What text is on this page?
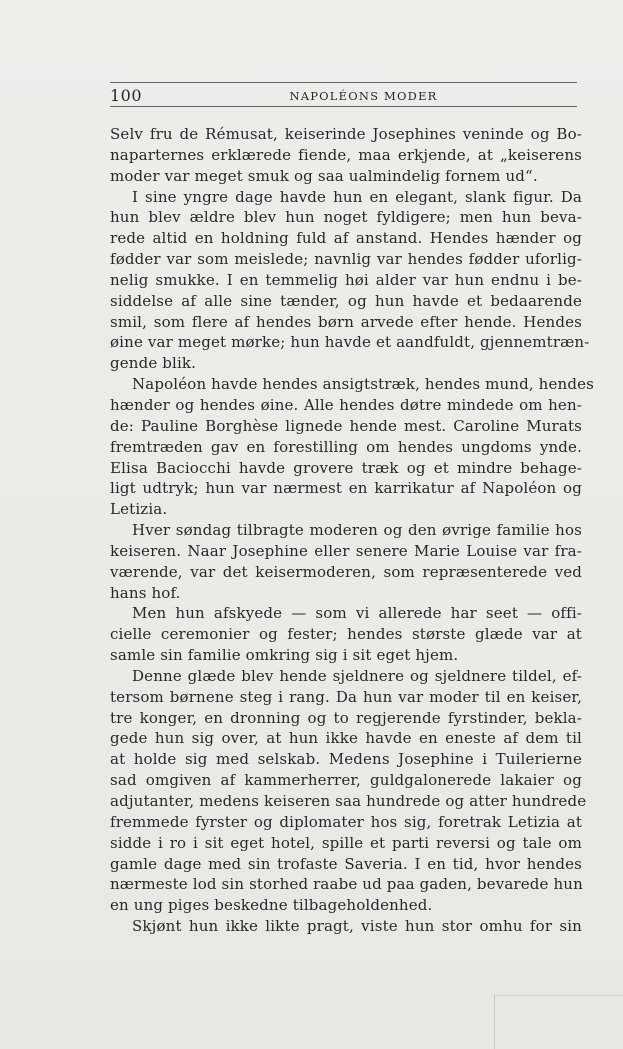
100	NAPOLÉONS MODER
Selv fru de Rémusat, keiserinde Josephines veninde og Bo-
naparternes erklærede fiende, maa erkjende, at „keiserens
moder var meget smuk og saa ualmindelig fornem ud“.
I sine yngre dage havde hun en elegant, slank figur. Da
hun blev ældre blev hun noget fyldigere; men hun beva-
rede altid en holdning fuld af anstand. Hendes hænder og
fødder var som meislede; navnlig var hendes fødder uforlig-
nelig smukke. I en temmelig høi alder var hun endnu i be-
siddelse af alle sine tænder, og hun havde et bedaarende
smil, som flere af hendes børn arvede efter hende. Hendes
øine var meget mørke; hun havde et aandfuldt, gjennemtræn-
gende blik.
Napoléon havde hendes ansigtstræk, hendes mund, hendes
hænder og hendes øine. Alle hendes døtre mindede om hen-
de: Pauline Borghèse lignede hende mest. Caroline Murats
fremtræden gav en forestilling om hendes ungdoms ynde.
Elisa Baciocchi havde grovere træk og et mindre behage-
ligt udtryk; hun var nærmest en karrikatur af Napoléon og
Letizia.
Hver søndag tilbragte moderen og den øvrige familie hos
keiseren. Naar Josephine eller senere Marie Louise var fra-
værende, var det keisermoderen, som repræsenterede ved
hans hof.
Men hun afskyede — som vi allerede har seet — offi-
cielle ceremonier og fester; hendes største glæde var at
samle sin familie omkring sig i sit eget hjem.
Denne glæde blev hende sjeldnere og sjeldnere tildel, ef-
tersom børnene steg i rang. Da hun var moder til en keiser,
tre konger, en dronning og to regjerende fyrstinder, bekla-
gede hun sig over, at hun ikke havde en eneste af dem til
at holde sig med selskab. Medens Josephine i Tuilerierne
sad omgiven af kammerherrer, guldgalonerede lakaier og
adjutanter, medens keiseren saa hundrede og atter hundrede
fremmede fyrster og diplomater hos sig, foretrak Letizia at
sidde i ro i sit eget hotel, spille et parti reversi og tale om
gamle dage med sin trofaste Saveria. I en tid, hvor hendes
nærmeste lod sin storhed raabe ud paa gaden, bevarede hun
en ung piges beskedne tilbageholdenhed.
Skjønt hun ikke likte pragt, viste hun stor omhu for sin
